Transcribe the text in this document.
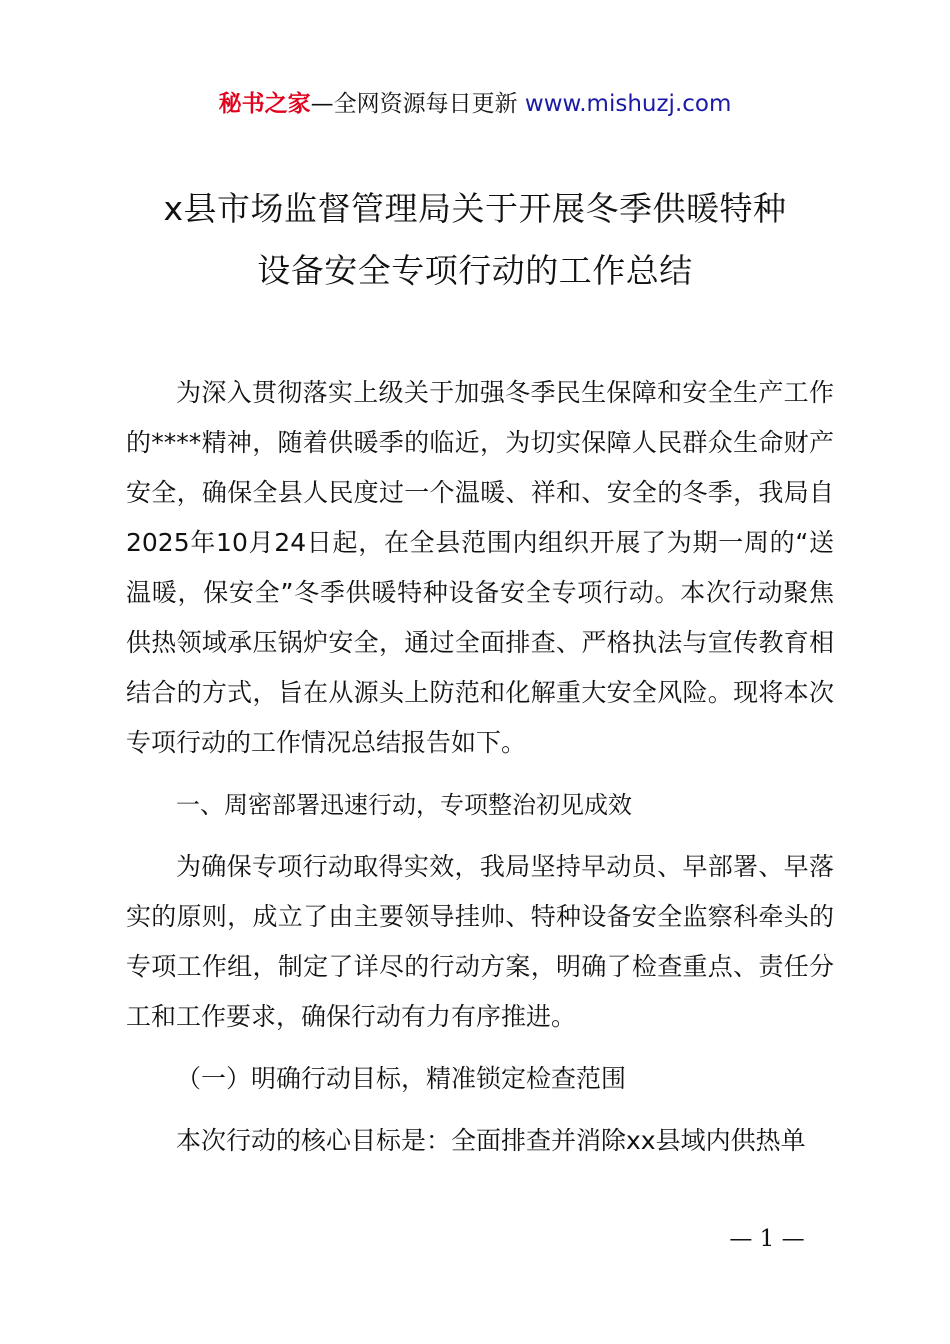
秘书之家—全网资源每日更新 www.mishuzj.com
x县市场监督管理局关于开展冬季供暖特种
设备安全专项行动的工作总结

为深入贯彻落实上级关于加强冬季民生保障和安全生产工作的****精神，随着供暖季的临近，为切实保障人民群众生命财产安全，确保全县人民度过一个温暖、祥和、安全的冬季，我局自2025年10月24日起，在全县范围内组织开展了为期一周的“送温暖，保安全”冬季供暖特种设备安全专项行动。本次行动聚焦供热领域承压锅炉安全，通过全面排查、严格执法与宣传教育相结合的方式，旨在从源头上防范和化解重大安全风险。现将本次专项行动的工作情况总结报告如下。

一、周密部署迅速行动，专项整治初见成效

为确保专项行动取得实效，我局坚持早动员、早部署、早落实的原则，成立了由主要领导挂帅、特种设备安全监察科牵头的专项工作组，制定了详尽的行动方案，明确了检查重点、责任分工和工作要求，确保行动有力有序推进。

（一）明确行动目标，精准锁定检查范围

本次行动的核心目标是：全面排查并消除xx县域内供热单

— 1 —
